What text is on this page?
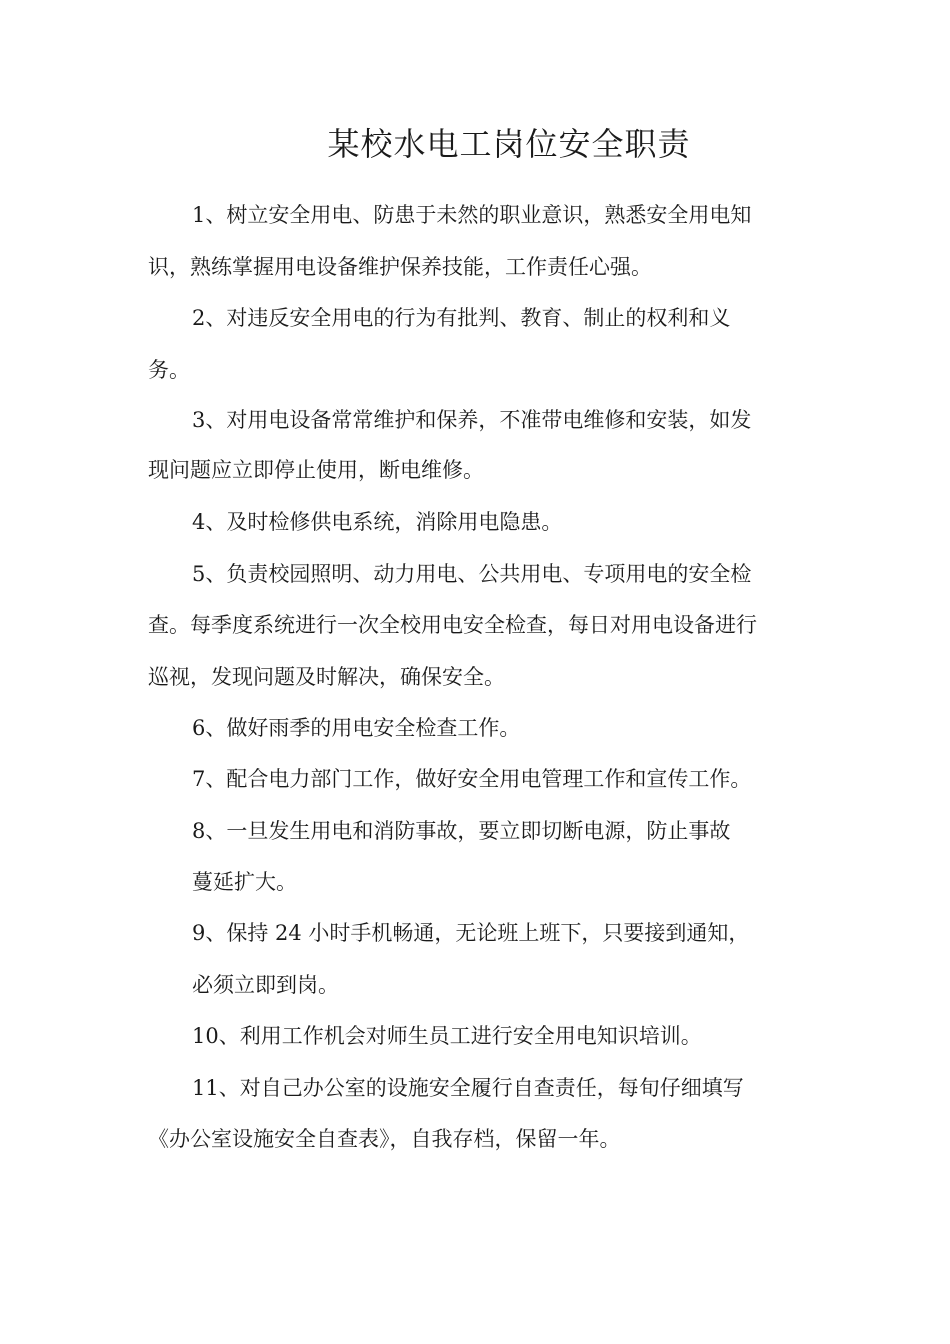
某校水电工岗位安全职责
1、树立安全用电、防患于未然的职业意识，熟悉安全用电知
识，熟练掌握用电设备维护保养技能，工作责任心强。
2、对违反安全用电的行为有批判、教育、制止的权利和义
务。
3、对用电设备常常维护和保养，不准带电维修和安装，如发
现问题应立即停止使用，断电维修。
4、及时检修供电系统，消除用电隐患。
5、负责校园照明、动力用电、公共用电、专项用电的安全检
查。每季度系统进行一次全校用电安全检查，每日对用电设备进行
巡视，发现问题及时解决，确保安全。
6、做好雨季的用电安全检查工作。
7、配合电力部门工作，做好安全用电管理工作和宣传工作。
8、一旦发生用电和消防事故，要立即切断电源，防止事故
蔓延扩大。
9、保持 24 小时手机畅通，无论班上班下，只要接到通知，
必须立即到岗。
10、利用工作机会对师生员工进行安全用电知识培训。
11、对自己办公室的设施安全履行自查责任，每旬仔细填写
《办公室设施安全自查表》，自我存档，保留一年。
